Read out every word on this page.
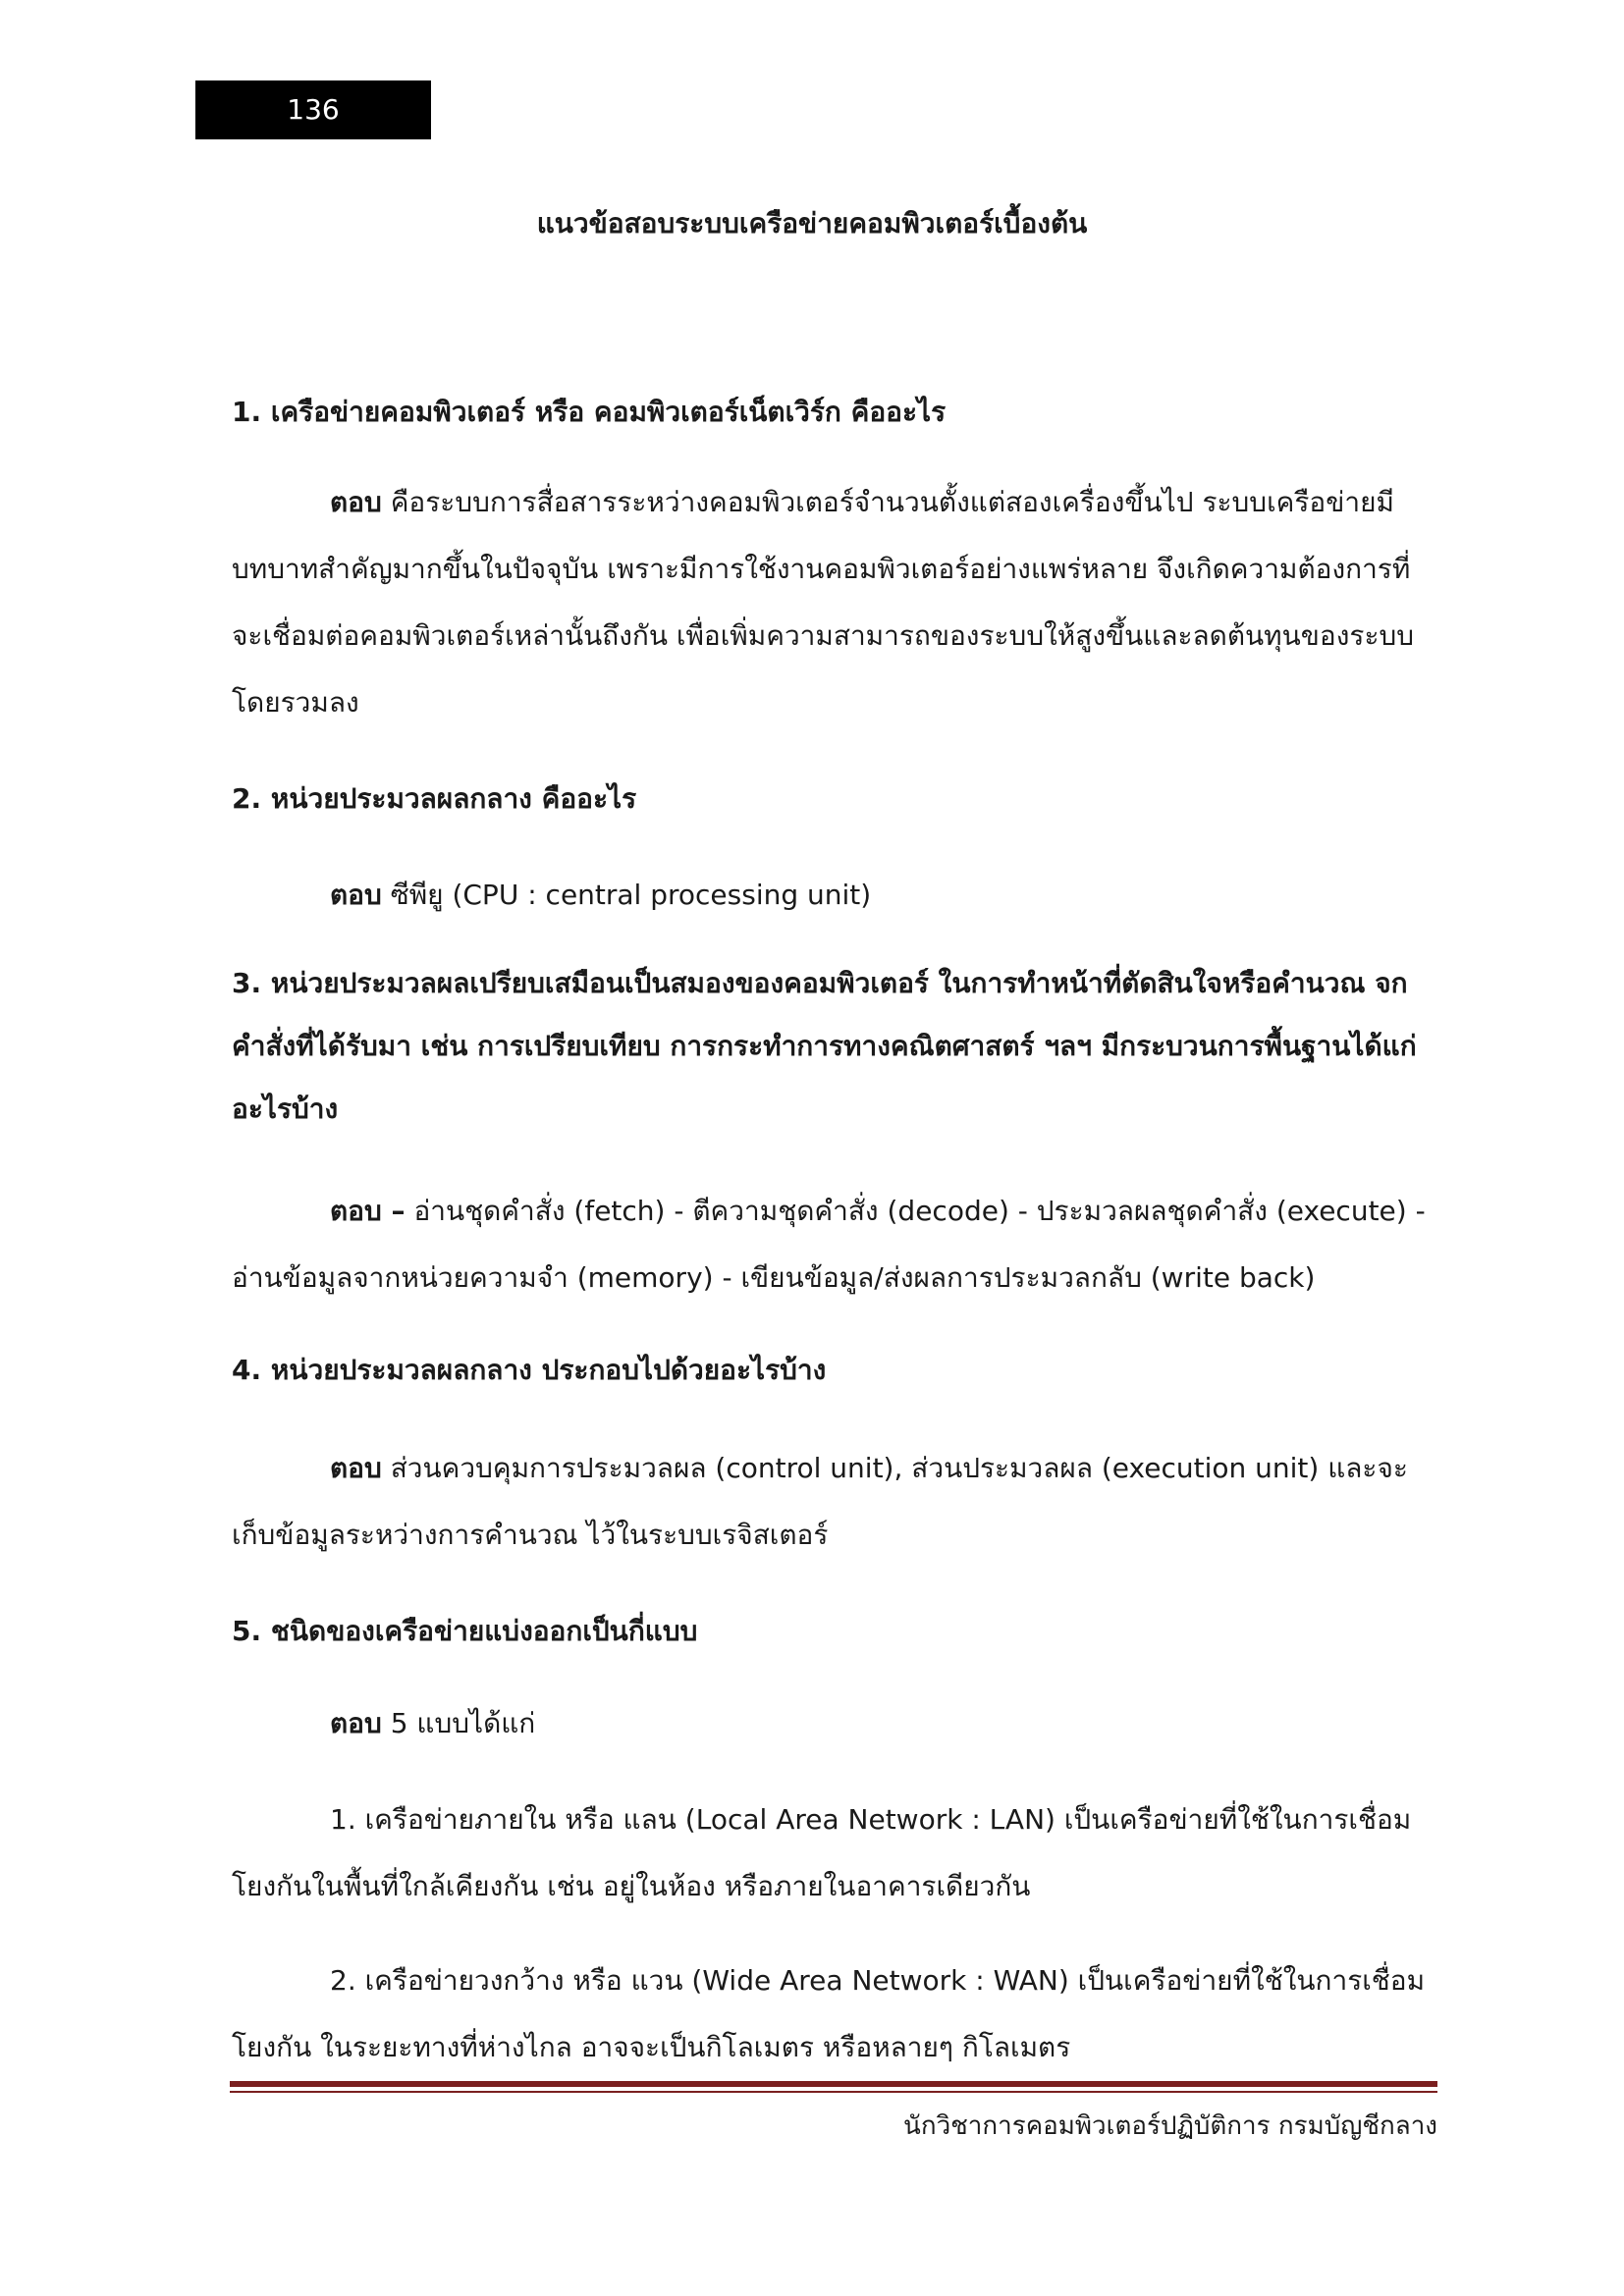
136
แนวข้อสอบระบบเครือข่ายคอมพิวเตอร์เบื้องต้น

1. เครือข่ายคอมพิวเตอร์ หรือ คอมพิวเตอร์เน็ตเวิร์ก คืออะไร

ตอบ คือระบบการสื่อสารระหว่างคอมพิวเตอร์จำนวนตั้งแต่สองเครื่องขึ้นไป ระบบเครือข่ายมีบทบาทสำคัญมากขึ้นในปัจจุบัน เพราะมีการใช้งานคอมพิวเตอร์อย่างแพร่หลาย จึงเกิดความต้องการที่จะเชื่อมต่อคอมพิวเตอร์เหล่านั้นถึงกัน เพื่อเพิ่มความสามารถของระบบให้สูงขึ้นและลดต้นทุนของระบบโดยรวมลง

2. หน่วยประมวลผลกลาง คืออะไร

ตอบ ซีพียู (CPU : central processing unit)

3. หน่วยประมวลผลเปรียบเสมือนเป็นสมองของคอมพิวเตอร์ ในการทำหน้าที่ตัดสินใจหรือคำนวณ จกคำสั่งที่ได้รับมา เช่น การเปรียบเทียบ การกระทำการทางคณิตศาสตร์ ฯลฯ มีกระบวนการพื้นฐานได้แก่อะไรบ้าง

ตอบ – อ่านชุดคำสั่ง (fetch) - ตีความชุดคำสั่ง (decode) - ประมวลผลชุดคำสั่ง (execute) - อ่านข้อมูลจากหน่วยความจำ (memory) - เขียนข้อมูล/ส่งผลการประมวลกลับ (write back)

4. หน่วยประมวลผลกลาง ประกอบไปด้วยอะไรบ้าง

ตอบ ส่วนควบคุมการประมวลผล (control unit), ส่วนประมวลผล (execution unit) และจะเก็บข้อมูลระหว่างการคำนวณ ไว้ในระบบเรจิสเตอร์

5. ชนิดของเครือข่ายแบ่งออกเป็นกี่แบบ

ตอบ 5 แบบได้แก่

1. เครือข่ายภายใน หรือ แลน (Local Area Network : LAN) เป็นเครือข่ายที่ใช้ในการเชื่อมโยงกันในพื้นที่ใกล้เคียงกัน เช่น อยู่ในห้อง หรือภายในอาคารเดียวกัน

2. เครือข่ายวงกว้าง หรือ แวน (Wide Area Network : WAN) เป็นเครือข่ายที่ใช้ในการเชื่อมโยงกัน ในระยะทางที่ห่างไกล อาจจะเป็นกิโลเมตร หรือหลายๆ กิโลเมตร

นักวิชาการคอมพิวเตอร์ปฏิบัติการ กรมบัญชีกลาง
